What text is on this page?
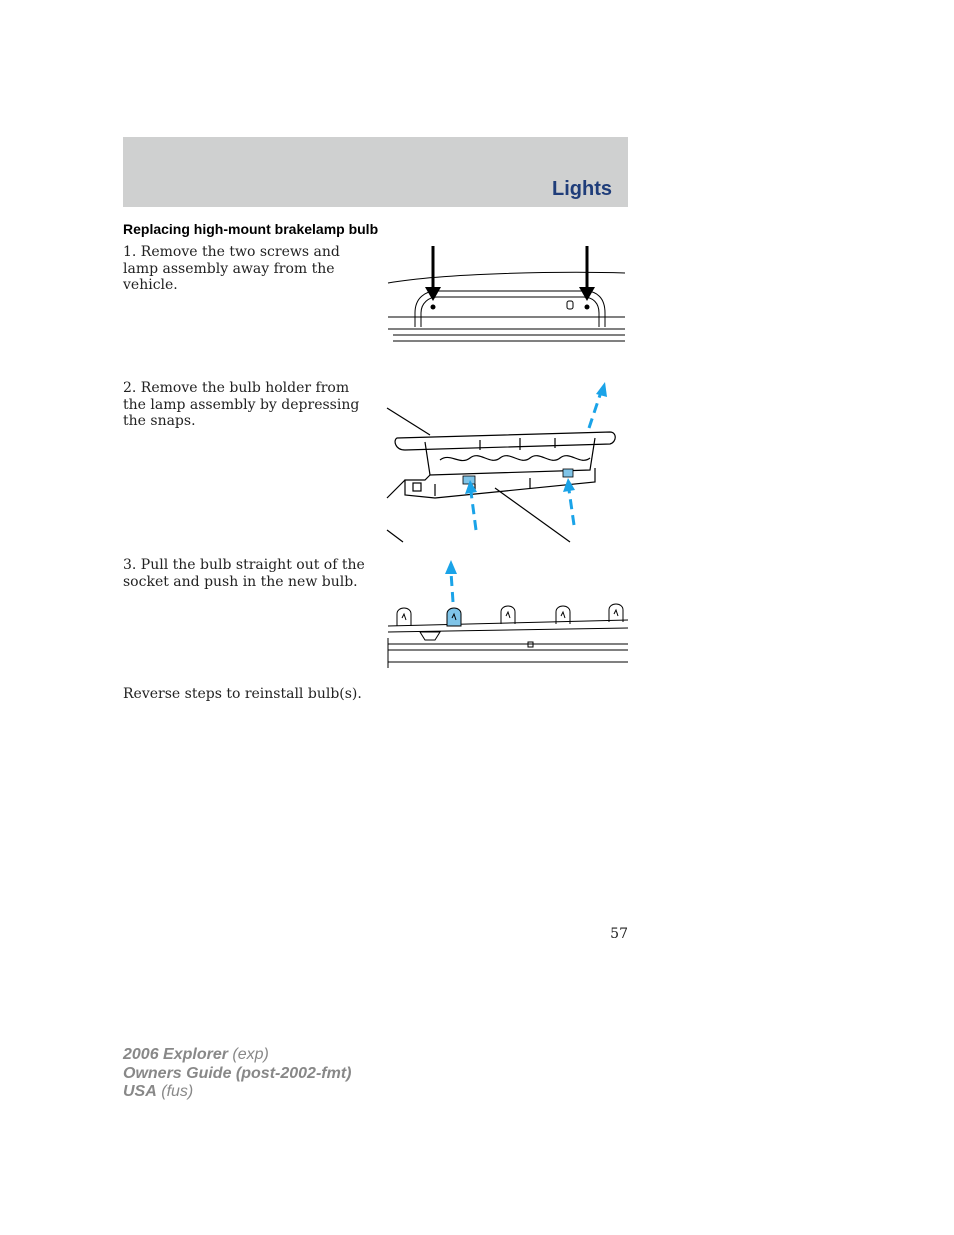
Lights
Replacing high-mount brakelamp bulb
1. Remove the two screws and lamp assembly away from the vehicle.
2. Remove the bulb holder from the lamp assembly by depressing the snaps.
3. Pull the bulb straight out of the socket and push in the new bulb.
Reverse steps to reinstall bulb(s).
57
2006 Explorer (exp)
Owners Guide (post-2002-fmt)
USA (fus)
